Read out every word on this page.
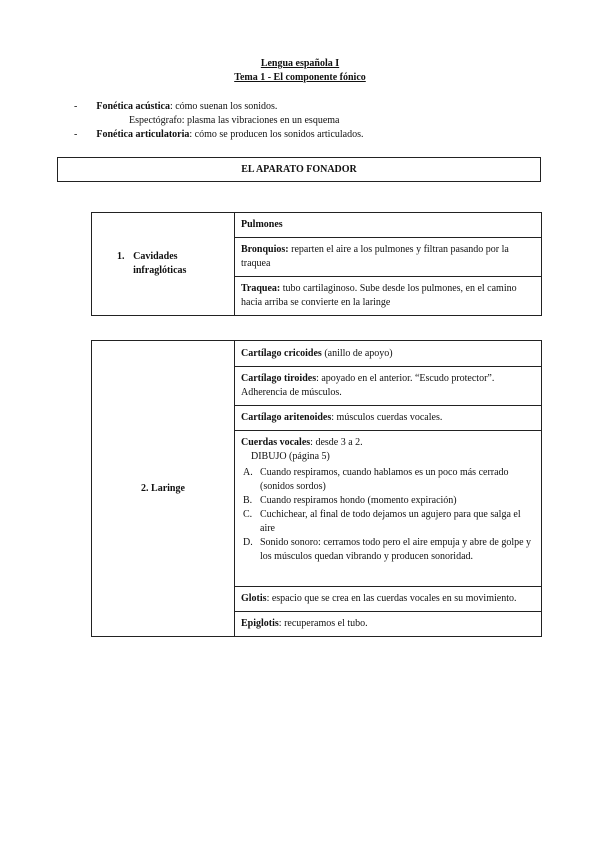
Lengua española I
Tema 1 - El componente fónico
- Fonética acústica: cómo suenan los sonidos.
Espectógrafo: plasma las vibraciones en un esquema
- Fonética articulatoria: cómo se producen los sonidos articulados.
EL APARATO FONADOR
1. Cavidades infraglóticas
	Pulmones
Bronquios: reparten el aire a los pulmones y filtran pasando por la traquea
Traquea: tubo cartilaginoso. Sube desde los pulmones, en el camino hacia arriba se convierte en la laringe
2. Laringe	Cartílago cricoides (anillo de apoyo)
Cartílago tiroides: apoyado en el anterior. “Escudo protector”. Adherencia de músculos.
Cartílago aritenoides: músculos cuerdas vocales.

Cuerdas vocales: desde 3 a 2.
DIBUJO (página 5)
A. Cuando respiramos, cuando hablamos es un poco más cerrado (sonidos sordos)
B. Cuando respiramos hondo (momento expiración)
C. Cuchichear, al final de todo dejamos un agujero para que salga el aire
D. Sonido sonoro: cerramos todo pero el aire empuja y abre de golpe y los músculos quedan vibrando y producen sonoridad.

Glotis: espacio que se crea en las cuerdas vocales en su movimiento.
Epiglotis: recuperamos el tubo.
